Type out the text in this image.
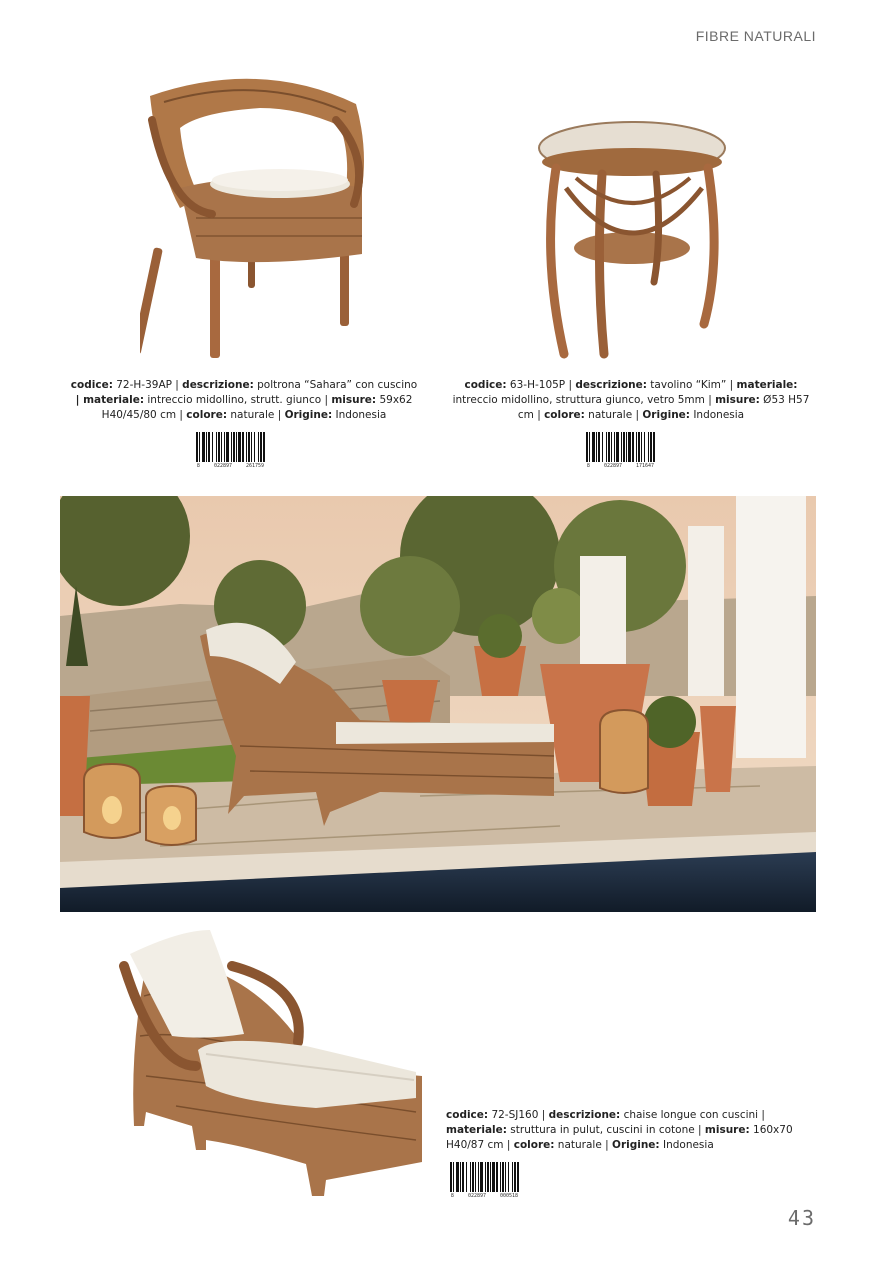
FIBRE NATURALI
codice: 72-H-39AP | descrizione: poltrona “Sahara” con cuscino
| materiale: intreccio midollino, strutt. giunco | misure: 59x62
H40/45/80 cm | colore: naturale | Origine: Indonesia
codice: 63-H-105P | descrizione: tavolino “Kim” | materiale:
intreccio midollino, struttura giunco, vetro 5mm | misure: Ø53 H57
cm | colore: naturale | Origine: Indonesia
8	022897	261759	8	022897	171647
codice: 72-SJ160 | descrizione: chaise longue con cuscini |
materiale: struttura in pulut, cuscini in cotone | misure: 160x70
H40/87 cm | colore: naturale | Origine: Indonesia
8	022897	000518
43
